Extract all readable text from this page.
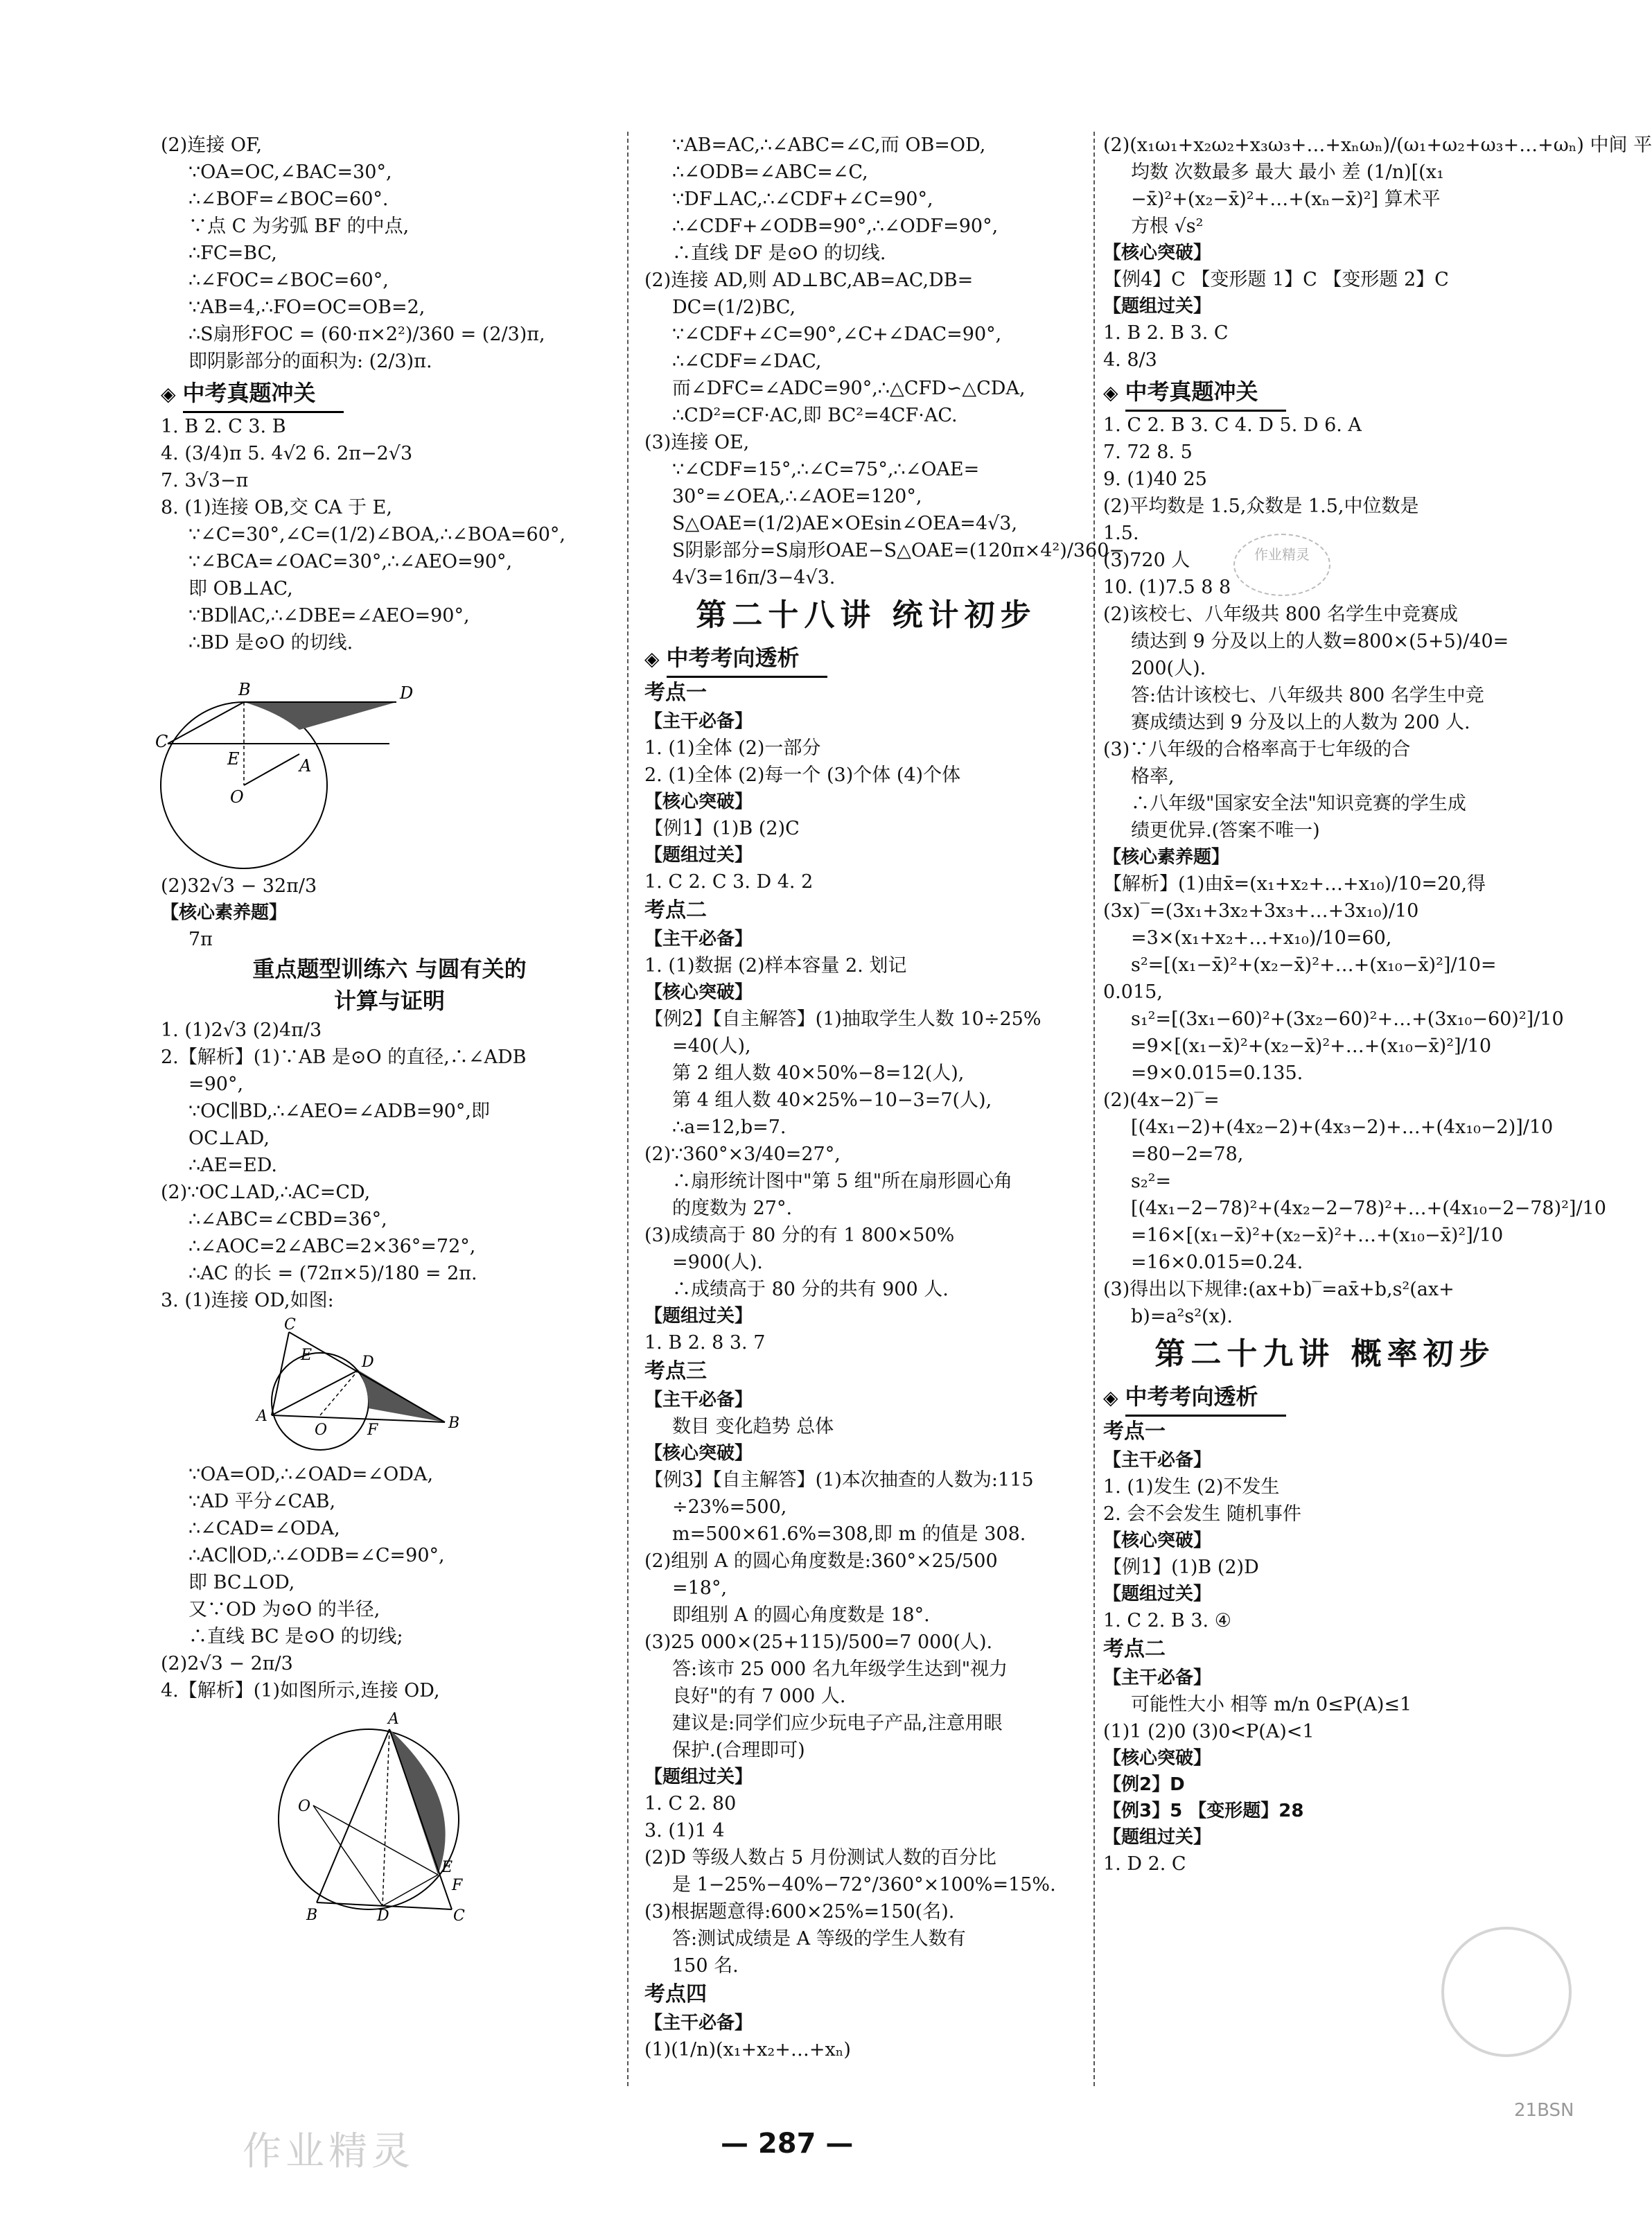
(2)连接 OF,
∵OA=OC,∠BAC=30°,
∴∠BOF=∠BOC=60°.
∵点 C 为劣弧 BF 的中点,
∴FC=BC,
∴∠FOC=∠BOC=60°,
∵AB=4,∴FO=OC=OB=2,
∴S扇形FOC = (60·π×2²)/360 = (2/3)π,
即阴影部分的面积为: (2/3)π.
◈ 中考真题冲关
1. B 2. C 3. B
4. (3/4)π 5. 4√2 6. 2π−2√3
7. 3√3−π
8. (1)连接 OB,交 CA 于 E,
∵∠C=30°,∠C=(1/2)∠BOA,∴∠BOA=60°,
∵∠BCA=∠OAC=30°,∴∠AEO=90°,
即 OB⊥AC,
∵BD∥AC,∴∠DBE=∠AEO=90°,
∴BD 是⊙O 的切线.
B	D
C
E	A
O
(2)32√3 − 32π/3
【核心素养题】
7π
重点题型训练六 与圆有关的
计算与证明
1. (1)2√3 (2)4π/3
2.【解析】(1)∵AB 是⊙O 的直径,∴∠ADB
=90°,
∵OC∥BD,∴∠AEO=∠ADB=90°,即
OC⊥AD,
∴AE=ED.
(2)∵OC⊥AD,∴AC=CD,
∴∠ABC=∠CBD=36°,
∴∠AOC=2∠ABC=2×36°=72°,
∴AC 的长 = (72π×5)/180 = 2π.
3. (1)连接 OD,如图:
C
D
A
O	F	B
E
∵OA=OD,∴∠OAD=∠ODA,
∵AD 平分∠CAB,
∴∠CAD=∠ODA,
∴AC∥OD,∴∠ODB=∠C=90°,
即 BC⊥OD,
又∵OD 为⊙O 的半径,
∴直线 BC 是⊙O 的切线;
(2)2√3 − 2π/3
4.【解析】(1)如图所示,连接 OD,
A
O
E
F
B	D	C
∵AB=AC,∴∠ABC=∠C,而 OB=OD,
∴∠ODB=∠ABC=∠C,
∵DF⊥AC,∴∠CDF+∠C=90°,
∴∠CDF+∠ODB=90°,∴∠ODF=90°,
∴直线 DF 是⊙O 的切线.
(2)连接 AD,则 AD⊥BC,AB=AC,DB=
DC=(1/2)BC,
∵∠CDF+∠C=90°,∠C+∠DAC=90°,
∴∠CDF=∠DAC,
而∠DFC=∠ADC=90°,∴△CFD∽△CDA,
∴CD²=CF·AC,即 BC²=4CF·AC.
(3)连接 OE,
∵∠CDF=15°,∴∠C=75°,∴∠OAE=
30°=∠OEA,∴∠AOE=120°,
S△OAE=(1/2)AE×OEsin∠OEA=4√3,
S阴影部分=S扇形OAE−S△OAE=(120π×4²)/360−
4√3=16π/3−4√3.
第二十八讲 统计初步
◈ 中考考向透析
考点一
【主干必备】
1. (1)全体 (2)一部分
2. (1)全体 (2)每一个 (3)个体 (4)个体
【核心突破】
【例1】(1)B (2)C
【题组过关】
1. C 2. C 3. D 4. 2
考点二
【主干必备】
1. (1)数据 (2)样本容量 2. 划记
【核心突破】
【例2】【自主解答】(1)抽取学生人数 10÷25%
=40(人),
第 2 组人数 40×50%−8=12(人),
第 4 组人数 40×25%−10−3=7(人),
∴a=12,b=7.
(2)∵360°×3/40=27°,
∴扇形统计图中"第 5 组"所在扇形圆心角
的度数为 27°.
(3)成绩高于 80 分的有 1 800×50%
=900(人).
∴成绩高于 80 分的共有 900 人.
【题组过关】
1. B 2. 8 3. 7
考点三
【主干必备】
数目 变化趋势 总体
【核心突破】
【例3】【自主解答】(1)本次抽查的人数为:115
÷23%=500,
m=500×61.6%=308,即 m 的值是 308.
(2)组别 A 的圆心角度数是:360°×25/500
=18°,
即组别 A 的圆心角度数是 18°.
(3)25 000×(25+115)/500=7 000(人).
答:该市 25 000 名九年级学生达到"视力
良好"的有 7 000 人.
建议是:同学们应少玩电子产品,注意用眼
保护.(合理即可)
【题组过关】
1. C 2. 80
3. (1)1 4
(2)D 等级人数占 5 月份测试人数的百分比
是 1−25%−40%−72°/360°×100%=15%.
(3)根据题意得:600×25%=150(名).
答:测试成绩是 A 等级的学生人数有
150 名.
考点四
【主干必备】
(1)(1/n)(x₁+x₂+…+xₙ)
(2)(x₁ω₁+x₂ω₂+x₃ω₃+…+xₙωₙ)/(ω₁+ω₂+ω₃+…+ωₙ) 中间 平
均数 次数最多 最大 最小 差 (1/n)[(x₁
−x̄)²+(x₂−x̄)²+…+(xₙ−x̄)²] 算术平
方根 √s²
【核心突破】
【例4】C 【变形题 1】C 【变形题 2】C
【题组过关】
1. B 2. B 3. C
4. 8/3
◈ 中考真题冲关
1. C 2. B 3. C 4. D 5. D 6. A
7. 72 8. 5
9. (1)40 25
(2)平均数是 1.5,众数是 1.5,中位数是
1.5.
(3)720 人
10. (1)7.5 8 8
(2)该校七、八年级共 800 名学生中竞赛成
绩达到 9 分及以上的人数=800×(5+5)/40=
200(人).
答:估计该校七、八年级共 800 名学生中竞
赛成绩达到 9 分及以上的人数为 200 人.
(3)∵八年级的合格率高于七年级的合
格率,
∴八年级"国家安全法"知识竞赛的学生成
绩更优异.(答案不唯一)
【核心素养题】
【解析】(1)由x̄=(x₁+x₂+…+x₁₀)/10=20,得
(3x)‾=(3x₁+3x₂+3x₃+…+3x₁₀)/10
=3×(x₁+x₂+…+x₁₀)/10=60,
s²=[(x₁−x̄)²+(x₂−x̄)²+…+(x₁₀−x̄)²]/10=
0.015,
s₁²=[(3x₁−60)²+(3x₂−60)²+…+(3x₁₀−60)²]/10
=9×[(x₁−x̄)²+(x₂−x̄)²+…+(x₁₀−x̄)²]/10
=9×0.015=0.135.
(2)(4x−2)‾=
[(4x₁−2)+(4x₂−2)+(4x₃−2)+…+(4x₁₀−2)]/10
=80−2=78,
s₂²=
[(4x₁−2−78)²+(4x₂−2−78)²+…+(4x₁₀−2−78)²]/10
=16×[(x₁−x̄)²+(x₂−x̄)²+…+(x₁₀−x̄)²]/10
=16×0.015=0.24.
(3)得出以下规律:(ax+b)‾=ax̄+b,s²(ax+
b)=a²s²(x).
第二十九讲 概率初步
◈ 中考考向透析
考点一
【主干必备】
1. (1)发生 (2)不发生
2. 会不会发生 随机事件
【核心突破】
【例1】(1)B (2)D
【题组过关】
1. C 2. B 3. ④
考点二
【主干必备】
可能性大小 相等 m/n 0≤P(A)≤1
(1)1 (2)0 (3)0<P(A)<1
【核心突破】
【例2】D
【例3】5 【变形题】28
【题组过关】
1. D 2. C
作业精灵
21BSN
作业精灵	— 287 —
